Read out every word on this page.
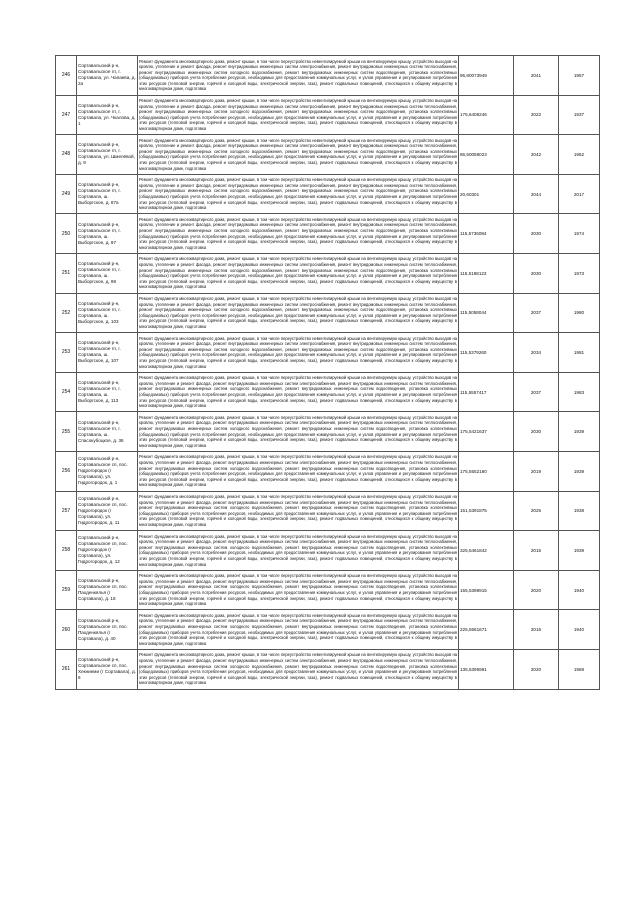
246	Сортавальский р-н, Сортавальское гп, г. Сортавала, ул. Чапаева, д. 2а	Ремонт фундамента многоквартирного дома, ремонт крыши, в том числе переустройство невентилируемой крыши на вентилируемую крышу, устройство выходов на кровлю, утепление и ремонт фасада, ремонт внутридомовых инженерных систем электроснабжения, ремонт внутридомовых инженерных систем теплоснабжения, ремонт внутридомовых инженерных систем холодного водоснабжения, ремонт внутридомовых инженерных систем водоотведения, установка коллективных (общедомовых) приборов учета потребления ресурсов, необходимых для предоставления коммунальных услуг, и узлов управления и регулирования потребления этих ресурсов (тепловой энергии, горячей и холодной воды, электрической энергии, газа), ремонт подвальных помещений, относящихся к общему имуществу в многоквартирном доме, подготовка	95,80073949	2041	1957

247	Сортавальский р-н, Сортавальское гп, г. Сортавала, ул. Чкалова, д. 1	Ремонт фундамента многоквартирного дома, ремонт крыши, в том числе переустройство невентилируемой крыши на вентилируемую крышу, устройство выходов на кровлю, утепление и ремонт фасада, ремонт внутридомовых инженерных систем электроснабжения, ремонт внутридомовых инженерных систем теплоснабжения, ремонт внутридомовых инженерных систем холодного водоснабжения, ремонт внутридомовых инженерных систем водоотведения, установка коллективных (общедомовых) приборов учета потребления ресурсов, необходимых для предоставления коммунальных услуг, и узлов управления и регулирования потребления этих ресурсов (тепловой энергии, горячей и холодной воды, электрической энергии, газа), ремонт подвальных помещений, относящихся к общему имуществу в многоквартирном доме, подготовка	175,6408246	2022	1937

248	Сортавальский р-н, Сортавальское гп, г. Сортавала, ул. Шмелёвой, д. 9	Ремонт фундамента многоквартирного дома, ремонт крыши, в том числе переустройство невентилируемой крыши на вентилируемую крышу, устройство выходов на кровлю, утепление и ремонт фасада, ремонт внутридомовых инженерных систем электроснабжения, ремонт внутридомовых инженерных систем теплоснабжения, ремонт внутридомовых инженерных систем холодного водоснабжения, ремонт внутридомовых инженерных систем водоотведения, установка коллективных (общедомовых) приборов учета потребления ресурсов, необходимых для предоставления коммунальных услуг, и узлов управления и регулирования потребления этих ресурсов (тепловой энергии, горячей и холодной воды, электрической энергии, газа), ремонт подвальных помещений, относящихся к общему имуществу в многоквартирном доме, подготовка	86,50058023	2042	1962

249	Сортавальский р-н, Сортавальское гп, г. Сортавала, ш. Выборгское, д. 87а	Ремонт фундамента многоквартирного дома, ремонт крыши, в том числе переустройство невентилируемой крыши на вентилируемую крышу, устройство выходов на кровлю, утепление и ремонт фасада, ремонт внутридомовых инженерных систем электроснабжения, ремонт внутридомовых инженерных систем теплоснабжения, ремонт внутридомовых инженерных систем холодного водоснабжения, ремонт внутридомовых инженерных систем водоотведения, установка коллективных (общедомовых) приборов учета потребления ресурсов, необходимых для предоставления коммунальных услуг, и узлов управления и регулирования потребления этих ресурсов (тепловой энергии, горячей и холодной воды, электрической энергии, газа), ремонт подвальных помещений, относящихся к общему имуществу в многоквартирном доме, подготовка	20,60301	2044	2017

250	Сортавальский р-н, Сортавальское гп, г. Сортавала, ш. Выборгское, д. 97	Ремонт фундамента многоквартирного дома, ремонт крыши, в том числе переустройство невентилируемой крыши на вентилируемую крышу, устройство выходов на кровлю, утепление и ремонт фасада, ремонт внутридомовых инженерных систем электроснабжения, ремонт внутридомовых инженерных систем теплоснабжения, ремонт внутридомовых инженерных систем холодного водоснабжения, ремонт внутридомовых инженерных систем водоотведения, установка коллективных (общедомовых) приборов учета потребления ресурсов, необходимых для предоставления коммунальных услуг, и узлов управления и регулирования потребления этих ресурсов (тепловой энергии, горячей и холодной воды, электрической энергии, газа), ремонт подвальных помещений, относящихся к общему имуществу в многоквартирном доме, подготовка	115,5736084	2030	1974

251	Сортавальский р-н, Сортавальское гп, г. Сортавала, ш. Выборгское, д. 98	Ремонт фундамента многоквартирного дома, ремонт крыши, в том числе переустройство невентилируемой крыши на вентилируемую крышу, устройство выходов на кровлю, утепление и ремонт фасада, ремонт внутридомовых инженерных систем электроснабжения, ремонт внутридомовых инженерных систем теплоснабжения, ремонт внутридомовых инженерных систем холодного водоснабжения, ремонт внутридомовых инженерных систем водоотведения, установка коллективных (общедомовых) приборов учета потребления ресурсов, необходимых для предоставления коммунальных услуг, и узлов управления и регулирования потребления этих ресурсов (тепловой энергии, горячей и холодной воды, электрической энергии, газа), ремонт подвальных помещений, относящихся к общему имуществу в многоквартирном доме, подготовка	115,5188123	2030	1973

252	Сортавальский р-н, Сортавальское гп, г. Сортавала, ш. Выборгское, д. 103	Ремонт фундамента многоквартирного дома, ремонт крыши, в том числе переустройство невентилируемой крыши на вентилируемую крышу, устройство выходов на кровлю, утепление и ремонт фасада, ремонт внутридомовых инженерных систем электроснабжения, ремонт внутридомовых инженерных систем теплоснабжения, ремонт внутридомовых инженерных систем холодного водоснабжения, ремонт внутридомовых инженерных систем водоотведения, установка коллективных (общедомовых) приборов учета потребления ресурсов, необходимых для предоставления коммунальных услуг, и узлов управления и регулирования потребления этих ресурсов (тепловой энергии, горячей и холодной воды, электрической энергии, газа), ремонт подвальных помещений, относящихся к общему имуществу в многоквартирном доме, подготовка	115,5058044	2037	1980

253	Сортавальский р-н, Сортавальское гп, г. Сортавала, ш. Выборгское, д. 107	Ремонт фундамента многоквартирного дома, ремонт крыши, в том числе переустройство невентилируемой крыши на вентилируемую крышу, устройство выходов на кровлю, утепление и ремонт фасада, ремонт внутридомовых инженерных систем электроснабжения, ремонт внутридомовых инженерных систем теплоснабжения, ремонт внутридомовых инженерных систем холодного водоснабжения, ремонт внутридомовых инженерных систем водоотведения, установка коллективных (общедомовых) приборов учета потребления ресурсов, необходимых для предоставления коммунальных услуг, и узлов управления и регулирования потребления этих ресурсов (тепловой энергии, горячей и холодной воды, электрической энергии, газа), ремонт подвальных помещений, относящихся к общему имуществу в многоквартирном доме, подготовка	115,5379260	2034	1981

254	Сортавальский р-н, Сортавальское гп, г. Сортавала, ш. Выборгское, д. 113	Ремонт фундамента многоквартирного дома, ремонт крыши, в том числе переустройство невентилируемой крыши на вентилируемую крышу, устройство выходов на кровлю, утепление и ремонт фасада, ремонт внутридомовых инженерных систем электроснабжения, ремонт внутридомовых инженерных систем теплоснабжения, ремонт внутридомовых инженерных систем холодного водоснабжения, ремонт внутридомовых инженерных систем водоотведения, установка коллективных (общедомовых) приборов учета потребления ресурсов, необходимых для предоставления коммунальных услуг, и узлов управления и регулирования потребления этих ресурсов (тепловой энергии, горячей и холодной воды, электрической энергии, газа), ремонт подвальных помещений, относящихся к общему имуществу в многоквартирном доме, подготовка	115,5557417	2037	1983

255	Сортавальский р-н, Сортавальское гп, г. Сортавала, ш. Спасокубоцкое, д. 36	Ремонт фундамента многоквартирного дома, ремонт крыши, в том числе переустройство невентилируемой крыши на вентилируемую крышу, устройство выходов на кровлю, утепление и ремонт фасада, ремонт внутридомовых инженерных систем электроснабжения, ремонт внутридомовых инженерных систем теплоснабжения, ремонт внутридомовых инженерных систем холодного водоснабжения, ремонт внутридомовых инженерных систем водоотведения, установка коллективных (общедомовых) приборов учета потребления ресурсов, необходимых для предоставления коммунальных услуг, и узлов управления и регулирования потребления этих ресурсов (тепловой энергии, горячей и холодной воды, электрической энергии, газа), ремонт подвальных помещений, относящихся к общему имуществу в многоквартирном доме, подготовка	175,5421637	2030	1939

256	Сортавальский р-н, Сортавальское сп, пос. Гидрогородок (г Сортавала), ул. Гидрогородок, д. 1	Ремонт фундамента многоквартирного дома, ремонт крыши, в том числе переустройство невентилируемой крыши на вентилируемую крышу, устройство выходов на кровлю, утепление и ремонт фасада, ремонт внутридомовых инженерных систем электроснабжения, ремонт внутридомовых инженерных систем теплоснабжения, ремонт внутридомовых инженерных систем холодного водоснабжения, ремонт внутридомовых инженерных систем водоотведения, установка коллективных (общедомовых) приборов учета потребления ресурсов, необходимых для предоставления коммунальных услуг, и узлов управления и регулирования потребления этих ресурсов (тепловой энергии, горячей и холодной воды, электрической энергии, газа), ремонт подвальных помещений, относящихся к общему имуществу в многоквартирном доме, подготовка	175,5552180	2019	1939

257	Сортавальский р-н, Сортавальское сп, пос. Гидрогородок (г Сортавала), ул. Гидрогородок, д. 11	Ремонт фундамента многоквартирного дома, ремонт крыши, в том числе переустройство невентилируемой крыши на вентилируемую крышу, устройство выходов на кровлю, утепление и ремонт фасада, ремонт внутридомовых инженерных систем электроснабжения, ремонт внутридомовых инженерных систем теплоснабжения, ремонт внутридомовых инженерных систем холодного водоснабжения, ремонт внутридомовых инженерных систем водоотведения, установка коллективных (общедомовых) приборов учета потребления ресурсов, необходимых для предоставления коммунальных услуг, и узлов управления и регулирования потребления этих ресурсов (тепловой энергии, горячей и холодной воды, электрической энергии, газа), ремонт подвальных помещений, относящихся к общему имуществу в многоквартирном доме, подготовка	151,5391875	2025	1938

258	Сортавальский р-н, Сортавальское сп, пос. Гидрогородок (г Сортавала), ул. Гидрогородок, д. 12	Ремонт фундамента многоквартирного дома, ремонт крыши, в том числе переустройство невентилируемой крыши на вентилируемую крышу, устройство выходов на кровлю, утепление и ремонт фасада, ремонт внутридомовых инженерных систем электроснабжения, ремонт внутридомовых инженерных систем теплоснабжения, ремонт внутридомовых инженерных систем холодного водоснабжения, ремонт внутридомовых инженерных систем водоотведения, установка коллективных (общедомовых) приборов учета потребления ресурсов, необходимых для предоставления коммунальных услуг, и узлов управления и регулирования потребления этих ресурсов (тепловой энергии, горячей и холодной воды, электрической энергии, газа), ремонт подвальных помещений, относящихся к общему имуществу в многоквартирном доме, подготовка	325,5461842	2016	1939

259	Сортавальский р-н, Сортавальское сп, пос. Пахденкялья (г Сортавала), д. 18	Ремонт фундамента многоквартирного дома, ремонт крыши, в том числе переустройство невентилируемой крыши на вентилируемую крышу, устройство выходов на кровлю, утепление и ремонт фасада, ремонт внутридомовых инженерных систем электроснабжения, ремонт внутридомовых инженерных систем теплоснабжения, ремонт внутридомовых инженерных систем холодного водоснабжения, ремонт внутридомовых инженерных систем водоотведения, установка коллективных (общедомовых) приборов учета потребления ресурсов, необходимых для предоставления коммунальных услуг, и узлов управления и регулирования потребления этих ресурсов (тепловой энергии, горячей и холодной воды, электрической энергии, газа), ремонт подвальных помещений, относящихся к общему имуществу в многоквартирном доме, подготовка	155,5398915	2020	1940

260	Сортавальский р-н, Сортавальское сп, пос. Пахденкялья (г Сортавала), д. 40	Ремонт фундамента многоквартирного дома, ремонт крыши, в том числе переустройство невентилируемой крыши на вентилируемую крышу, устройство выходов на кровлю, утепление и ремонт фасада, ремонт внутридомовых инженерных систем электроснабжения, ремонт внутридомовых инженерных систем теплоснабжения, ремонт внутридомовых инженерных систем холодного водоснабжения, ремонт внутридомовых инженерных систем водоотведения, установка коллективных (общедомовых) приборов учета потребления ресурсов, необходимых для предоставления коммунальных услуг, и узлов управления и регулирования потребления этих ресурсов (тепловой энергии, горячей и холодной воды, электрической энергии, газа), ремонт подвальных помещений, относящихся к общему имуществу в многоквартирном доме, подготовка	225,5561671	2016	1940

261	Сортавальский р-н, Сортавальское сп, пос. Хекниеми (г Сортавала), д. 6	Ремонт фундамента многоквартирного дома, ремонт крыши, в том числе переустройство невентилируемой крыши на вентилируемую крышу, устройство выходов на кровлю, утепление и ремонт фасада, ремонт внутридомовых инженерных систем электроснабжения, ремонт внутридомовых инженерных систем теплоснабжения, ремонт внутридомовых инженерных систем холодного водоснабжения, ремонт внутридомовых инженерных систем водоотведения, установка коллективных (общедомовых) приборов учета потребления ресурсов, необходимых для предоставления коммунальных услуг, и узлов управления и регулирования потребления этих ресурсов (тепловой энергии, горячей и холодной воды, электрической энергии, газа), ремонт подвальных помещений, относящихся к общему имуществу в многоквартирном доме, подготовка	135,5395961	2020	1968
